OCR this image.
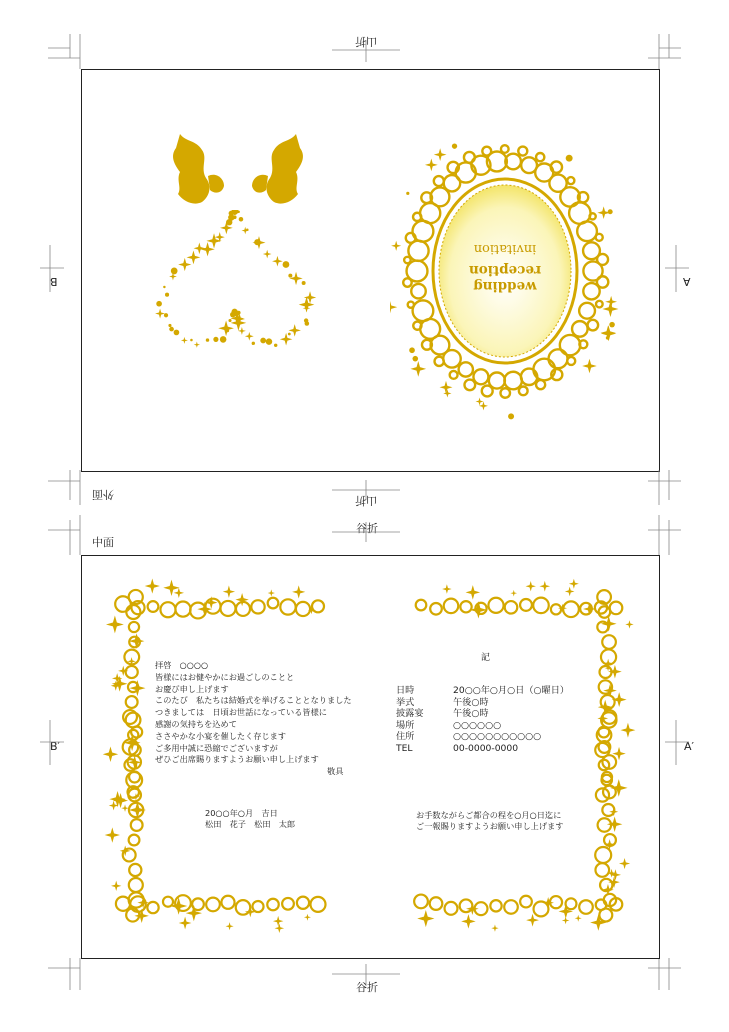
山折
山折
外面
谷折
中面
谷折
B	A
B′	A′
wedding reception
invitation
拝啓　○○○○
皆様にはお健やかにお過ごしのことと
お慶び申し上げます
このたび　私たちは結婚式を挙げることとなりました
つきましては　日頃お世話になっている皆様に
感謝の気持ちを込めて
ささやかな小宴を催したく存じます
ご多用中誠に恐縮でございますが
ぜひご出席賜りますようお願い申し上げます
敬具
20○○年○月　吉日
松田　花子　松田　太郎
記
日時	20○○年○月○日（○曜日）
挙式	午後○時
披露宴	午後○時
場所	○○○○○○
住所	○○○○○○○○○○○
TEL	00-0000-0000
お手数ながらご都合の程を○月○日迄に
ご一報賜りますようお願い申し上げます
